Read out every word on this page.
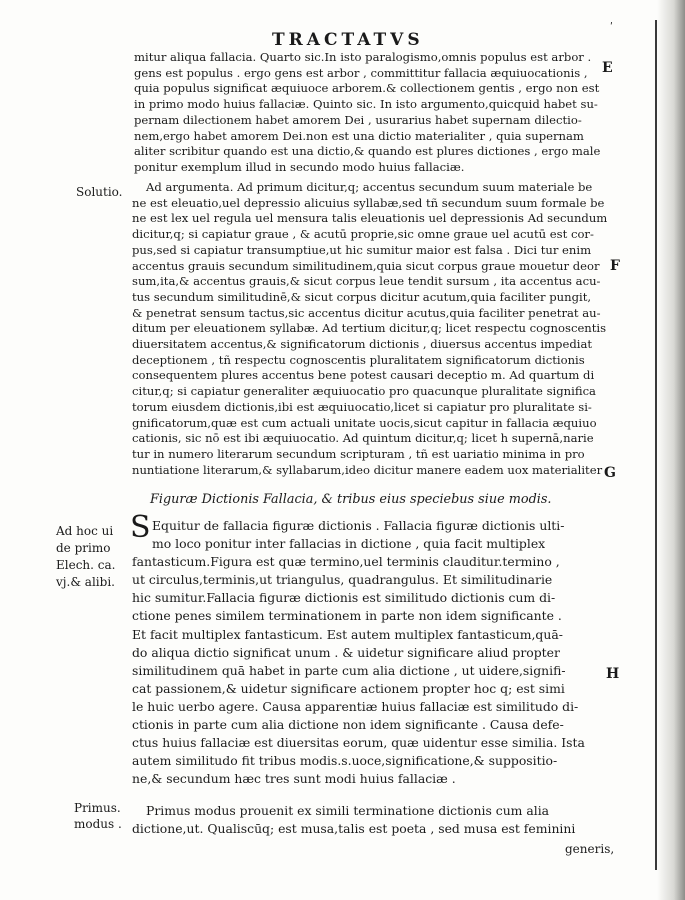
TRACTATVS
ʹ
E
F
G
H
Solutio.
Ad hoc ui
de primo
Elech. ca.
vj.& alibi.
Primus.
modus .
mitur aliqua fallacia. Quarto sic.In isto paralogismo,omnis populus est arbor .
gens est populus . ergo gens est arbor , committitur fallacia æquiuocationis ,
quia populus significat æquiuoce arborem.& collectionem gentis , ergo non est
in primo modo huius fallaciæ. Quinto sic. In isto argumento,quicquid habet su-
pernam dilectionem habet amorem Dei , usurarius habet supernam dilectio-
nem,ergo habet amorem Dei.non est una dictio materialiter , quia supernam
aliter scribitur quando est una dictio,& quando est plures dictiones , ergo male
ponitur exemplum illud in secundo modo huius fallaciæ.
Ad argumenta. Ad primum dicitur,q; accentus secundum suum materiale be
ne est eleuatio,uel depressio alicuius syllabæ,sed tñ secundum suum formale be
ne est lex uel regula uel mensura talis eleuationis uel depressionis Ad secundum
dicitur,q; si capiatur graue , & acutū proprie,sic omne graue uel acutū est cor-
pus,sed si capiatur transumptiue,ut hic sumitur maior est falsa . Dici tur enim
accentus grauis secundum similitudinem,quia sicut corpus graue mouetur deor
sum,ita,& accentus grauis,& sicut corpus leue tendit sursum , ita accentus acu-
tus secundum similitudinē,& sicut corpus dicitur acutum,quia faciliter pungit,
& penetrat sensum tactus,sic accentus dicitur acutus,quia faciliter penetrat au-
ditum per eleuationem syllabæ. Ad tertium dicitur,q; licet respectu cognoscentis
diuersitatem accentus,& significatorum dictionis , diuersus accentus impediat
deceptionem , tñ respectu cognoscentis pluralitatem significatorum dictionis
consequentem plures accentus bene potest causari deceptio m. Ad quartum di
citur,q; si capiatur generaliter æquiuocatio pro quacunque pluralitate significa
torum eiusdem dictionis,ibi est æquiuocatio,licet si capiatur pro pluralitate si-
gnificatorum,quæ est cum actuali unitate uocis,sicut capitur in fallacia æquiuo
cationis, sic nō est ibi æquiuocatio. Ad quintum dicitur,q; licet h supernā,narie
tur in numero literarum secundum scripturam , tñ est uariatio minima in pro
nuntiatione literarum,& syllabarum,ideo dicitur manere eadem uox materialiter
Figuræ Dictionis Fallacia, & tribus eius speciebus siue modis.
S Equitur de fallacia figuræ dictionis . Fallacia figuræ dictionis ulti-
mo loco ponitur inter fallacias in dictione , quia facit multiplex
fantasticum.Figura est quæ termino,uel terminis clauditur.termino ,
ut circulus,terminis,ut triangulus, quadrangulus. Et similitudinarie
hic sumitur.Fallacia figuræ dictionis est similitudo dictionis cum di-
ctione penes similem terminationem in parte non idem significante .
Et facit multiplex fantasticum. Est autem multiplex fantasticum,quā-
do aliqua dictio significat unum . & uidetur significare aliud propter
similitudinem quā habet in parte cum alia dictione , ut uidere,signifi-
cat passionem,& uidetur significare actionem propter hoc q; est simi
le huic uerbo agere. Causa apparentiæ huius fallaciæ est similitudo di-
ctionis in parte cum alia dictione non idem significante . Causa defe-
ctus huius fallaciæ est diuersitas eorum, quæ uidentur esse similia. Ista
autem similitudo fit tribus modis.s.uoce,significatione,& suppositio-
ne,& secundum hæc tres sunt modi huius fallaciæ .
Primus modus prouenit ex simili terminatione dictionis cum alia
dictione,ut. Qualiscūq; est musa,talis est poeta , sed musa est feminini
generis,
